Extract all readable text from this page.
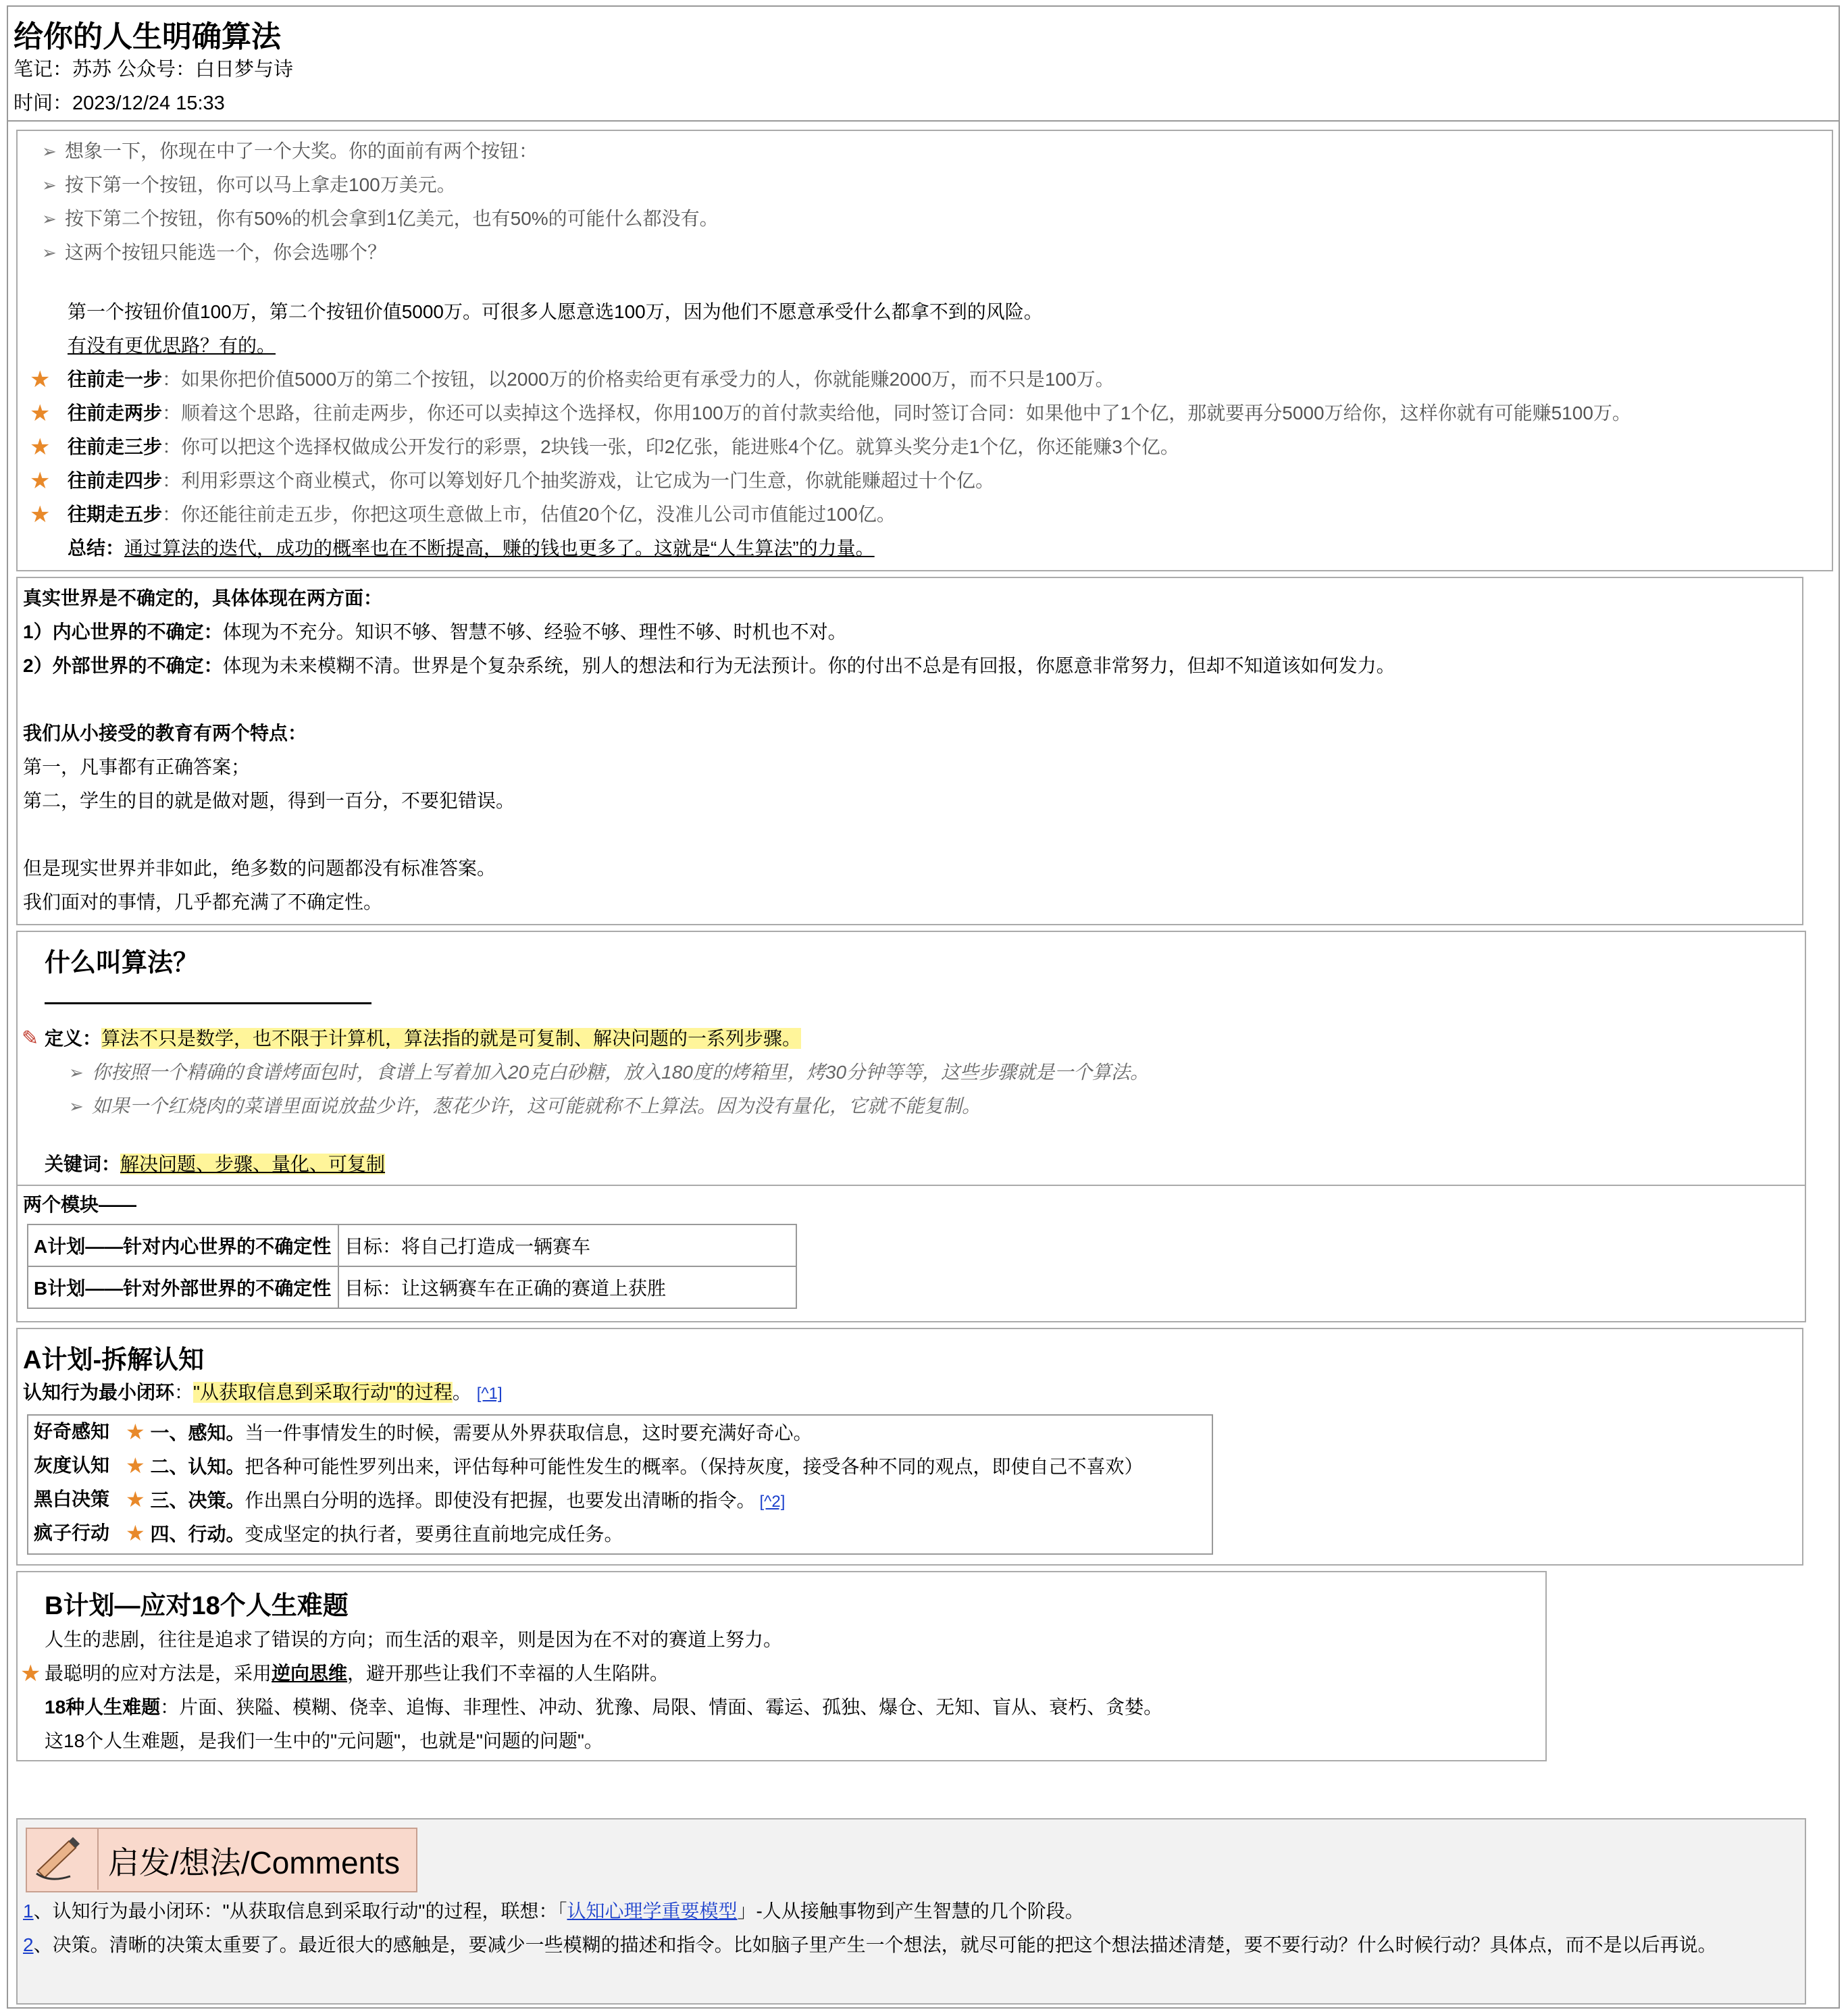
给你的人生明确算法
笔记：苏苏 公众号：白日梦与诗
时间：2023/12/24 15:33
➢ 想象一下，你现在中了一个大奖。你的面前有两个按钮：
➢ 按下第一个按钮，你可以马上拿走100万美元。
➢ 按下第二个按钮，你有50%的机会拿到1亿美元，也有50%的可能什么都没有。
➢ 这两个按钮只能选一个，你会选哪个？
第一个按钮价值100万，第二个按钮价值5000万。可很多人愿意选100万，因为他们不愿意承受什么都拿不到的风险。
有没有更优思路？有的。
★ 往前走一步：如果你把价值5000万的第二个按钮，以2000万的价格卖给更有承受力的人，你就能赚2000万，而不只是100万。
★ 往前走两步：顺着这个思路，往前走两步，你还可以卖掉这个选择权，你用100万的首付款卖给他，同时签订合同：如果他中了1个亿，那就要再分5000万给你，这样你就有可能赚5100万。
★ 往前走三步：你可以把这个选择权做成公开发行的彩票，2块钱一张，印2亿张，能进账4个亿。就算头奖分走1个亿，你还能赚3个亿。
★ 往前走四步：利用彩票这个商业模式，你可以筹划好几个抽奖游戏，让它成为一门生意，你就能赚超过十个亿。
★ 往期走五步：你还能往前走五步，你把这项生意做上市，估值20个亿，没准儿公司市值能过100亿。
总结：通过算法的迭代，成功的概率也在不断提高，赚的钱也更多了。这就是“人生算法”的力量。
真实世界是不确定的，具体体现在两方面：
1）内心世界的不确定：体现为不充分。知识不够、智慧不够、经验不够、理性不够、时机也不对。
2）外部世界的不确定：体现为未来模糊不清。世界是个复杂系统，别人的想法和行为无法预计。你的付出不总是有回报，你愿意非常努力，但却不知道该如何发力。
我们从小接受的教育有两个特点：
第一，凡事都有正确答案；
第二，学生的目的就是做对题，得到一百分，不要犯错误。
但是现实世界并非如此，绝多数的问题都没有标准答案。
我们面对的事情，几乎都充满了不确定性。
什么叫算法？
✎ 定义：算法不只是数学，也不限于计算机，算法指的就是可复制、解决问题的一系列步骤。
➢ 你按照一个精确的食谱烤面包时，食谱上写着加入20克白砂糖，放入180度的烤箱里，烤30分钟等等，这些步骤就是一个算法。
➢ 如果一个红烧肉的菜谱里面说放盐少许，葱花少许，这可能就称不上算法。因为没有量化，它就不能复制。
关键词：解决问题、步骤、量化、可复制
两个模块——
A计划——针对内心世界的不确定性	目标：将自己打造成一辆赛车
B计划——针对外部世界的不确定性	目标：让这辆赛车在正确的赛道上获胜
A计划-拆解认知
认知行为最小闭环："从获取信息到采取行动"的过程。 [^1]
好奇感知 ★ 一、感知。当一件事情发生的时候，需要从外界获取信息，这时要充满好奇心。
灰度认知 ★ 二、认知。把各种可能性罗列出来，评估每种可能性发生的概率。（保持灰度，接受各种不同的观点，即使自己不喜欢）
黑白决策 ★ 三、决策。作出黑白分明的选择。即使没有把握，也要发出清晰的指令。 [^2]
疯子行动 ★ 四、行动。变成坚定的执行者，要勇往直前地完成任务。
B计划—应对18个人生难题
人生的悲剧，往往是追求了错误的方向；而生活的艰辛，则是因为在不对的赛道上努力。
★ 最聪明的应对方法是，采用逆向思维，避开那些让我们不幸福的人生陷阱。
18种人生难题：片面、狭隘、模糊、侥幸、追悔、非理性、冲动、犹豫、局限、情面、霉运、孤独、爆仓、无知、盲从、衰朽、贪婪。
这18个人生难题，是我们一生中的"元问题"，也就是"问题的问题"。
启发/想法/Comments
1、认知行为最小闭环："从获取信息到采取行动"的过程，联想：「认知心理学重要模型」-人从接触事物到产生智慧的几个阶段。
2、决策。清晰的决策太重要了。最近很大的感触是，要减少一些模糊的描述和指令。比如脑子里产生一个想法，就尽可能的把这个想法描述清楚，要不要行动？什么时候行动？具体点，而不是以后再说。
